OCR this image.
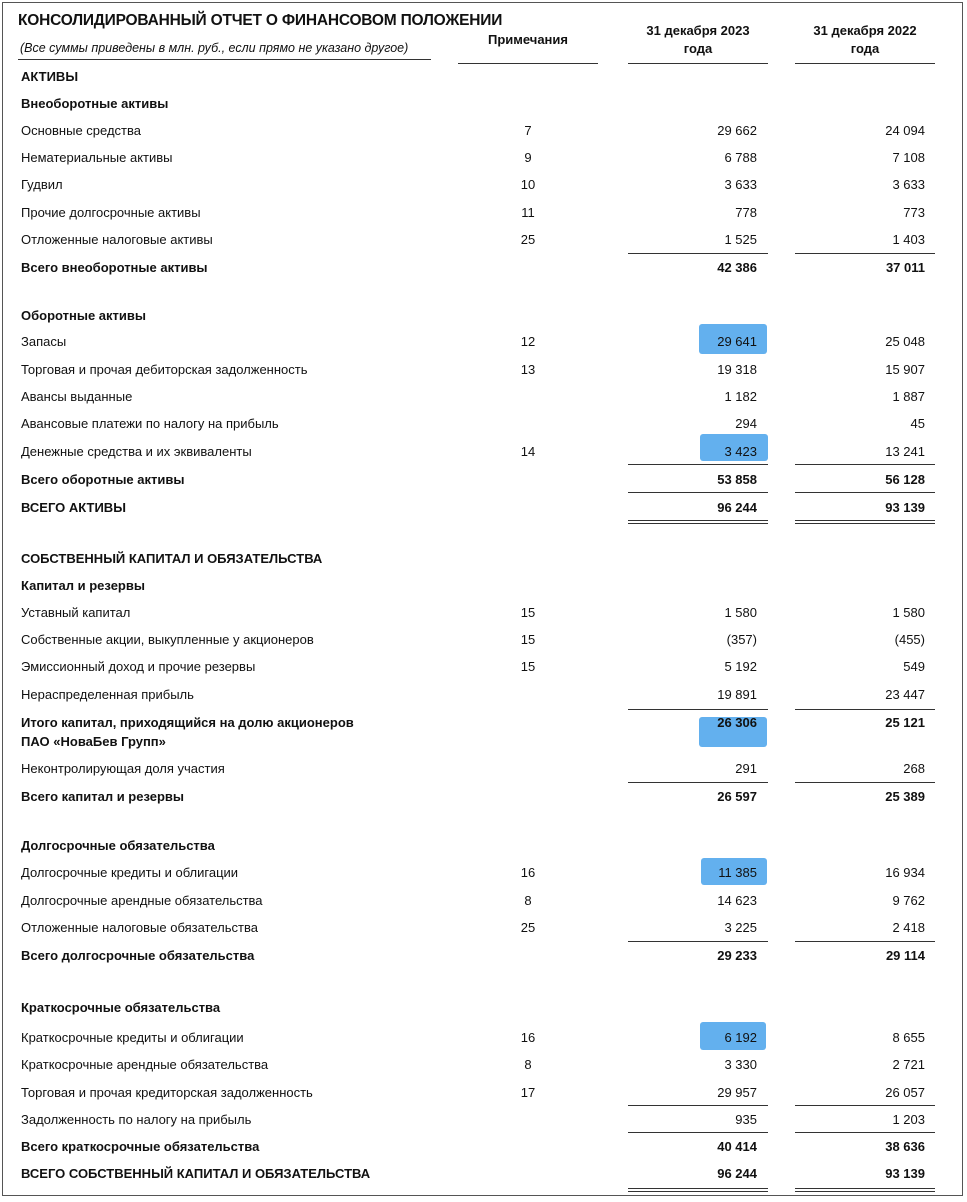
КОНСОЛИДИРОВАННЫЙ ОТЧЕТ О ФИНАНСОВОМ ПОЛОЖЕНИИ
(Все суммы приведены в млн. руб., если прямо не указано другое)
Примечания
31 декабря 2023
года
31 декабря 2022
года
АКТИВЫ
Внеоборотные активы
Основные средства	7	29 662	24 094
Нематериальные активы	9	6 788	7 108
Гудвил	10	3 633	3 633
Прочие долгосрочные активы	11	778	773
Отложенные налоговые активы	25	1 525	1 403
Всего внеоборотные активы	42 386	37 011
Оборотные активы
Запасы	12	29 641	25 048
Торговая и прочая дебиторская задолженность	13	19 318	15 907
Авансы выданные	1 182	1 887
Авансовые платежи по налогу на прибыль	294	45
Денежные средства и их эквиваленты	14	3 423	13 241
Всего оборотные активы	53 858	56 128
ВСЕГО АКТИВЫ	96 244	93 139
СОБСТВЕННЫЙ КАПИТАЛ И ОБЯЗАТЕЛЬСТВА
Капитал и резервы
Уставный капитал	15	1 580	1 580
Собственные акции, выкупленные у акционеров	15	(357)	(455)
Эмиссионный доход и прочие резервы	15	5 192	549
Нераспределенная прибыль	19 891	23 447
Итого капитал, приходящийся на долю акционеров	26 306	25 121
ПАО «НоваБев Групп»
Неконтролирующая доля участия	291	268
Всего капитал и резервы	26 597	25 389
Долгосрочные обязательства
Долгосрочные кредиты и облигации	16	11 385	16 934
Долгосрочные арендные обязательства	8	14 623	9 762
Отложенные налоговые обязательства	25	3 225	2 418
Всего долгосрочные обязательства	29 233	29 114
Краткосрочные обязательства
Краткосрочные кредиты и облигации	16	6 192	8 655
Краткосрочные арендные обязательства	8	3 330	2 721
Торговая и прочая кредиторская задолженность	17	29 957	26 057
Задолженность по налогу на прибыль	935	1 203
Всего краткосрочные обязательства	40 414	38 636
ВСЕГО СОБСТВЕННЫЙ КАПИТАЛ И ОБЯЗАТЕЛЬСТВА	96 244	93 139
